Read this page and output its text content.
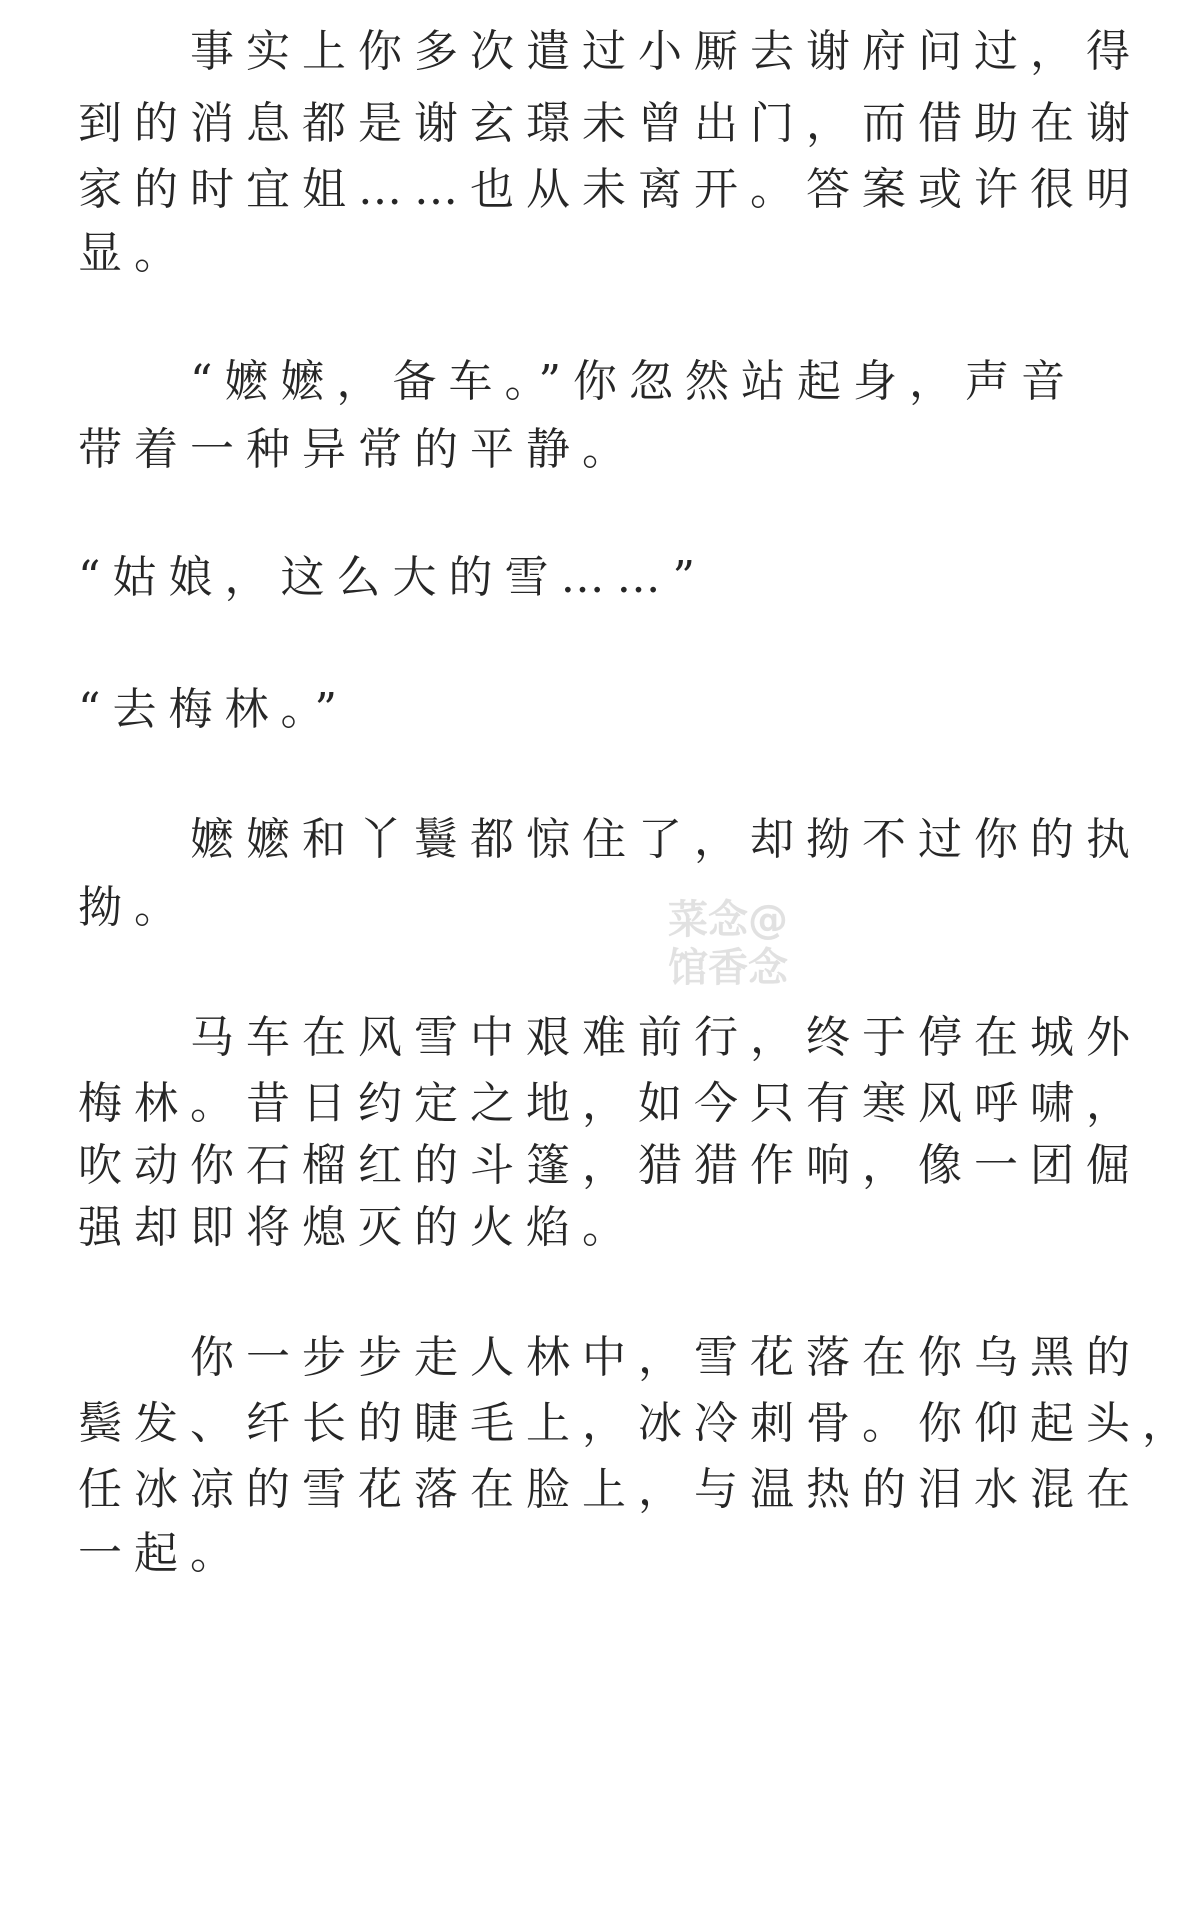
　　事实上你多次遣过小厮去谢府问过，得

到的消息都是谢玄璟未曾出门，而借助在谢

家的时宜姐……也从未离开。答案或许很明

显。

　　“嬷嬷，备车。”你忽然站起身，声音

带着一种异常的平静。

“姑娘，这么大的雪……”

“去梅林。”

　　嬷嬷和丫鬟都惊住了，却拗不过你的执

拗。

　　马车在风雪中艰难前行，终于停在城外

梅林。昔日约定之地，如今只有寒风呼啸，

吹动你石榴红的斗篷，猎猎作响，像一团倔

强却即将熄灭的火焰。

　　你一步步走人林中，雪花落在你乌黑的

鬓发、纤长的睫毛上，冰冷刺骨。你仰起头，

任冰凉的雪花落在脸上，与温热的泪水混在

一起。

菜念@
馆香念
